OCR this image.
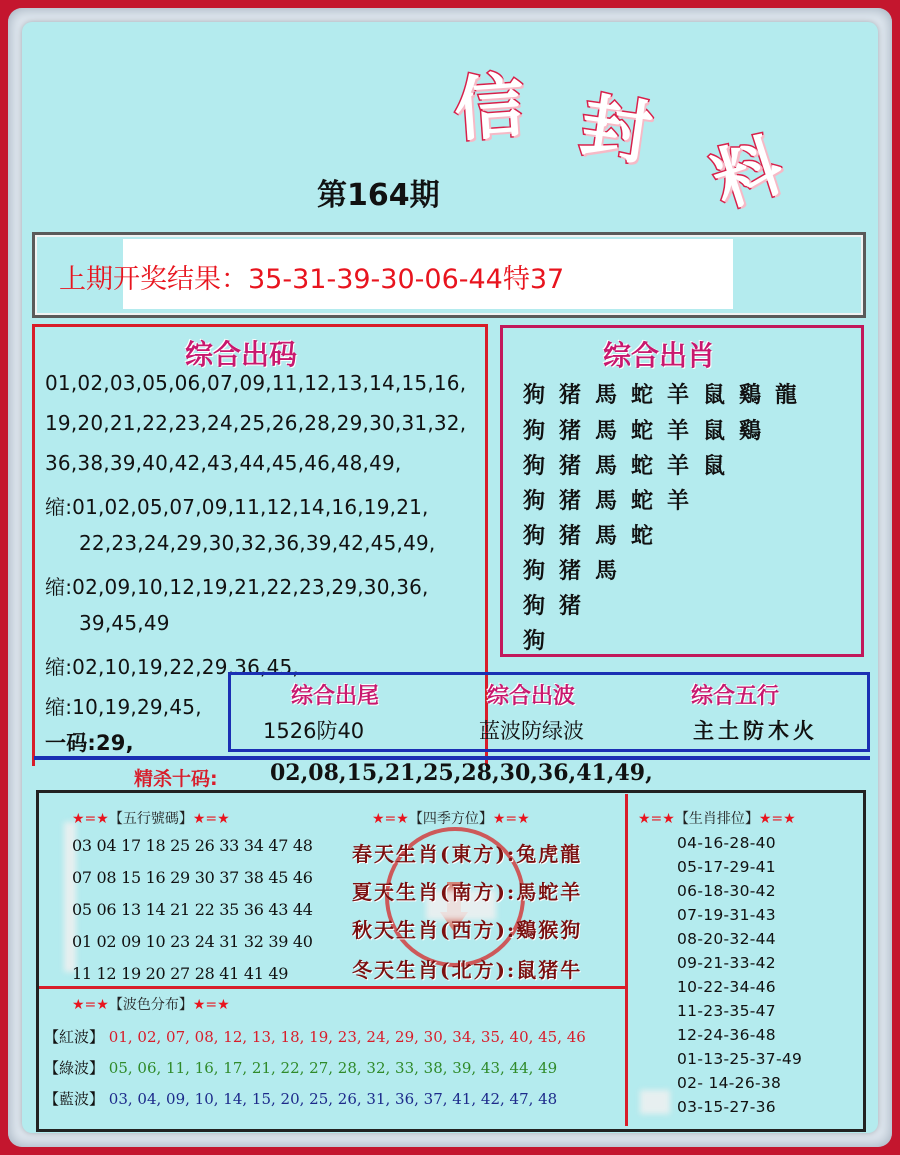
信 封 料
第164期
上期开奖结果：35-31-39-30-06-44特37
综合出码
01,02,03,05,06,07,09,11,12,13,14,15,16,
19,20,21,22,23,24,25,26,28,29,30,31,32,
36,38,39,40,42,43,44,45,46,48,49,
缩:01,02,05,07,09,11,12,14,16,19,21,
22,23,24,29,30,32,36,39,42,45,49,
缩:02,09,10,12,19,21,22,23,29,30,36,
39,45,49
缩:02,10,19,22,29,36,45,
缩:10,19,29,45,
一码:29,
综合出肖
狗猪馬蛇羊鼠鷄龍
狗猪馬蛇羊鼠鷄
狗猪馬蛇羊鼠
狗猪馬蛇羊
狗猪馬蛇
狗猪馬
狗猪
狗
综合出尾
1526防40
综合出波
蓝波防绿波
综合五行
主土防木火
精杀十码: 02,08,15,21,25,28,30,36,41,49,
★=★【五行號碼】★=★
03 04 17 18 25 26 33 34 47 48
07 08 15 16 29 30 37 38 45 46
05 06 13 14 21 22 35 36 43 44
01 02 09 10 23 24 31 32 39 40
11 12 19 20 27 28 41 41 49
★=★【四季方位】★=★
春天生肖(東方):兔虎龍
夏天生肖(南方):馬蛇羊
秋天生肖(西方):鷄猴狗
冬天生肖(北方):鼠猪牛
★=★【生肖排位】★=★
04-16-28-40
05-17-29-41
06-18-30-42
07-19-31-43
08-20-32-44
09-21-33-42
10-22-34-46
11-23-35-47
12-24-36-48
01-13-25-37-49
02- 14-26-38
03-15-27-36
★=★【波色分布】★=★
【紅波】 01, 02, 07, 08, 12, 13, 18, 19, 23, 24, 29, 30, 34, 35, 40, 45, 46
【綠波】 05, 06, 11, 16, 17, 21, 22, 27, 28, 32, 33, 38, 39, 43, 44, 49
【藍波】 03, 04, 09, 10, 14, 15, 20, 25, 26, 31, 36, 37, 41, 42, 47, 48
